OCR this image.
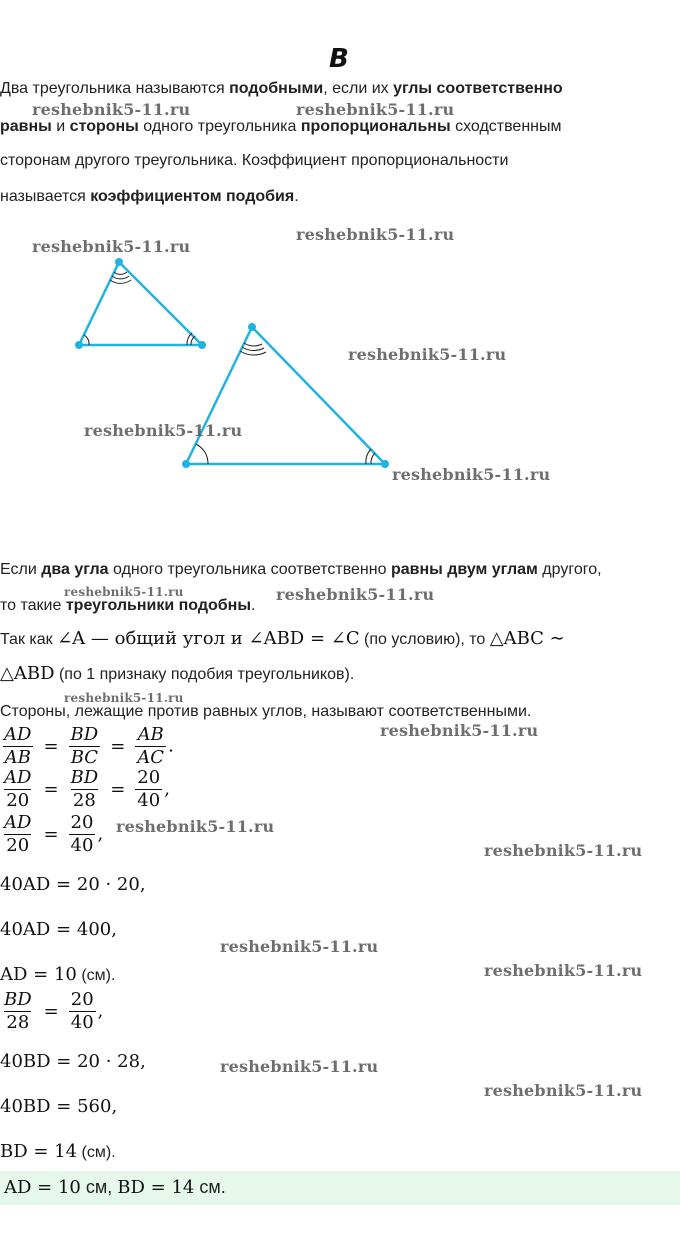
B
Два треугольника называются подобными, если их углы соответственно
равны и стороны одного треугольника пропорциональны сходственным
сторонам другого треугольника. Коэффициент пропорциональности
называется коэффициентом подобия.
Если два угла одного треугольника соответственно равны двум углам другого,
то такие треугольники подобны.
Так как ∠A — общий угол и ∠ABD = ∠C (по условию), то △ABC ∼
△ABD (по 1 признаку подобия треугольников).
Стороны, лежащие против равных углов, называют соответственными.
$\frac{AD}{AB} = \frac{BD}{BC} = \frac{AB}{AC}$ .
$\frac{AD}{20} = \frac{BD}{28} = \frac{20}{40}$ ,
$\frac{AD}{20} = \frac{20}{40}$ ,
40AD = 20 · 20,
40AD = 400,
AD = 10 (см).
$\frac{BD}{28} = \frac{20}{40}$ ,
40BD = 20 · 28,
40BD = 560,
BD = 14 (см).
AD = 10 см, BD = 14 см.
reshebnik5-11.ru	reshebnik5-11.ru
reshebnik5-11.ru
reshebnik5-11.ru
reshebnik5-11.ru
reshebnik5-11.ru
reshebnik5-11.ru
reshebnik5-11.ru	reshebnik5-11.ru
reshebnik5-11.ru
reshebnik5-11.ru
reshebnik5-11.ru
reshebnik5-11.ru
reshebnik5-11.ru
reshebnik5-11.ru
reshebnik5-11.ru
reshebnik5-11.ru
